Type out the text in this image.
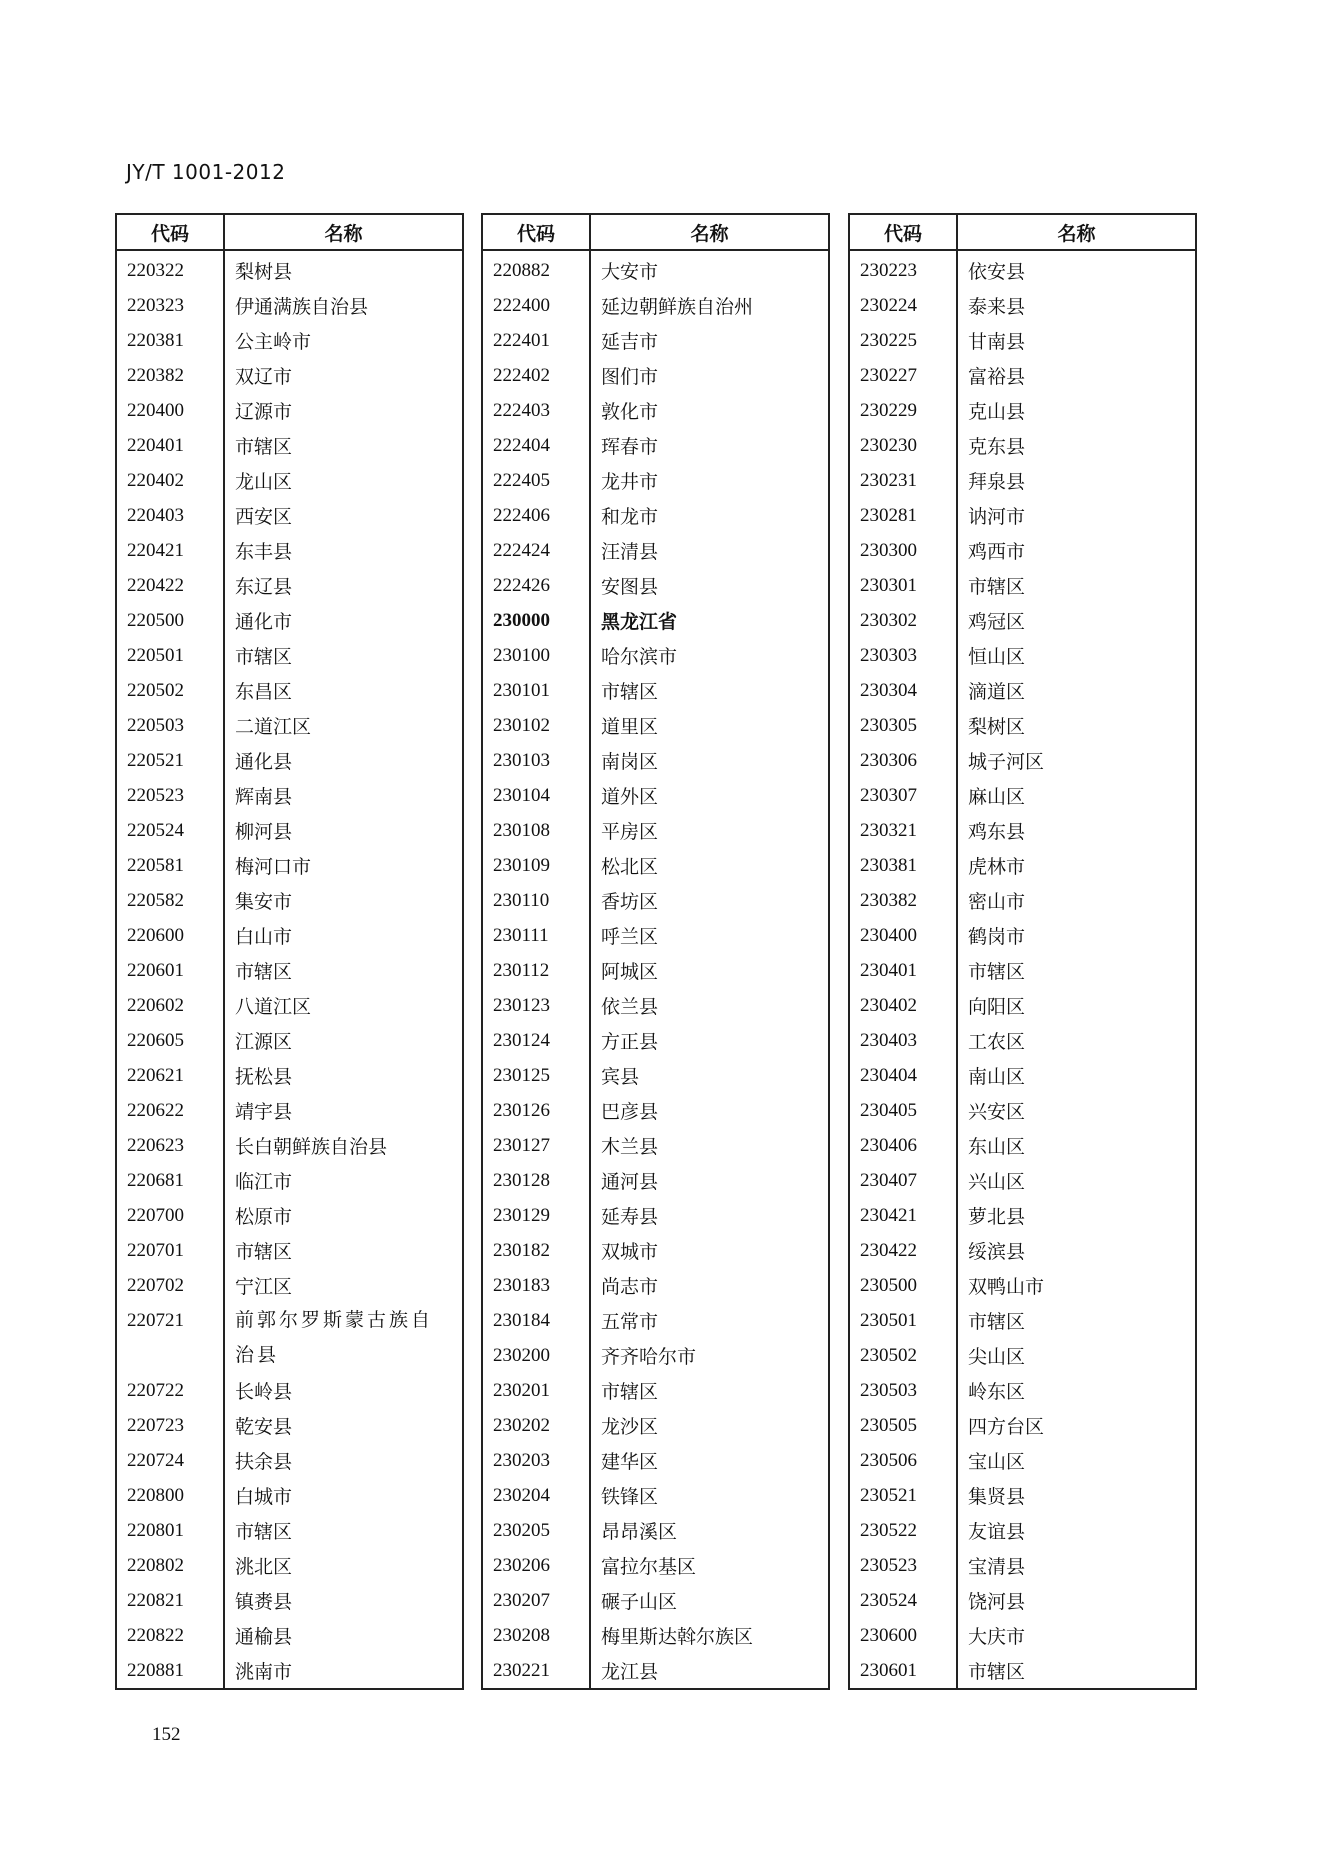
JY/T 1001-2012
代码	名称
220322	梨树县
220323	伊通满族自治县
220381	公主岭市
220382	双辽市
220400	辽源市
220401	市辖区
220402	龙山区
220403	西安区
220421	东丰县
220422	东辽县
220500	通化市
220501	市辖区
220502	东昌区
220503	二道江区
220521	通化县
220523	辉南县
220524	柳河县
220581	梅河口市
220582	集安市
220600	白山市
220601	市辖区
220602	八道江区
220605	江源区
220621	抚松县
220622	靖宇县
220623	长白朝鲜族自治县
220681	临江市
220700	松原市
220701	市辖区
220702	宁江区
220721	前郭尔罗斯蒙古族自治县
220722	长岭县
220723	乾安县
220724	扶余县
220800	白城市
220801	市辖区
220802	洮北区
220821	镇赉县
220822	通榆县
220881	洮南市
代码	名称
220882	大安市
222400	延边朝鲜族自治州
222401	延吉市
222402	图们市
222403	敦化市
222404	珲春市
222405	龙井市
222406	和龙市
222424	汪清县
222426	安图县
230000	黑龙江省
230100	哈尔滨市
230101	市辖区
230102	道里区
230103	南岗区
230104	道外区
230108	平房区
230109	松北区
230110	香坊区
230111	呼兰区
230112	阿城区
230123	依兰县
230124	方正县
230125	宾县
230126	巴彦县
230127	木兰县
230128	通河县
230129	延寿县
230182	双城市
230183	尚志市
230184	五常市
230200	齐齐哈尔市
230201	市辖区
230202	龙沙区
230203	建华区
230204	铁锋区
230205	昂昂溪区
230206	富拉尔基区
230207	碾子山区
230208	梅里斯达斡尔族区
230221	龙江县
代码	名称
230223	依安县
230224	泰来县
230225	甘南县
230227	富裕县
230229	克山县
230230	克东县
230231	拜泉县
230281	讷河市
230300	鸡西市
230301	市辖区
230302	鸡冠区
230303	恒山区
230304	滴道区
230305	梨树区
230306	城子河区
230307	麻山区
230321	鸡东县
230381	虎林市
230382	密山市
230400	鹤岗市
230401	市辖区
230402	向阳区
230403	工农区
230404	南山区
230405	兴安区
230406	东山区
230407	兴山区
230421	萝北县
230422	绥滨县
230500	双鸭山市
230501	市辖区
230502	尖山区
230503	岭东区
230505	四方台区
230506	宝山区
230521	集贤县
230522	友谊县
230523	宝清县
230524	饶河县
230600	大庆市
230601	市辖区
152
